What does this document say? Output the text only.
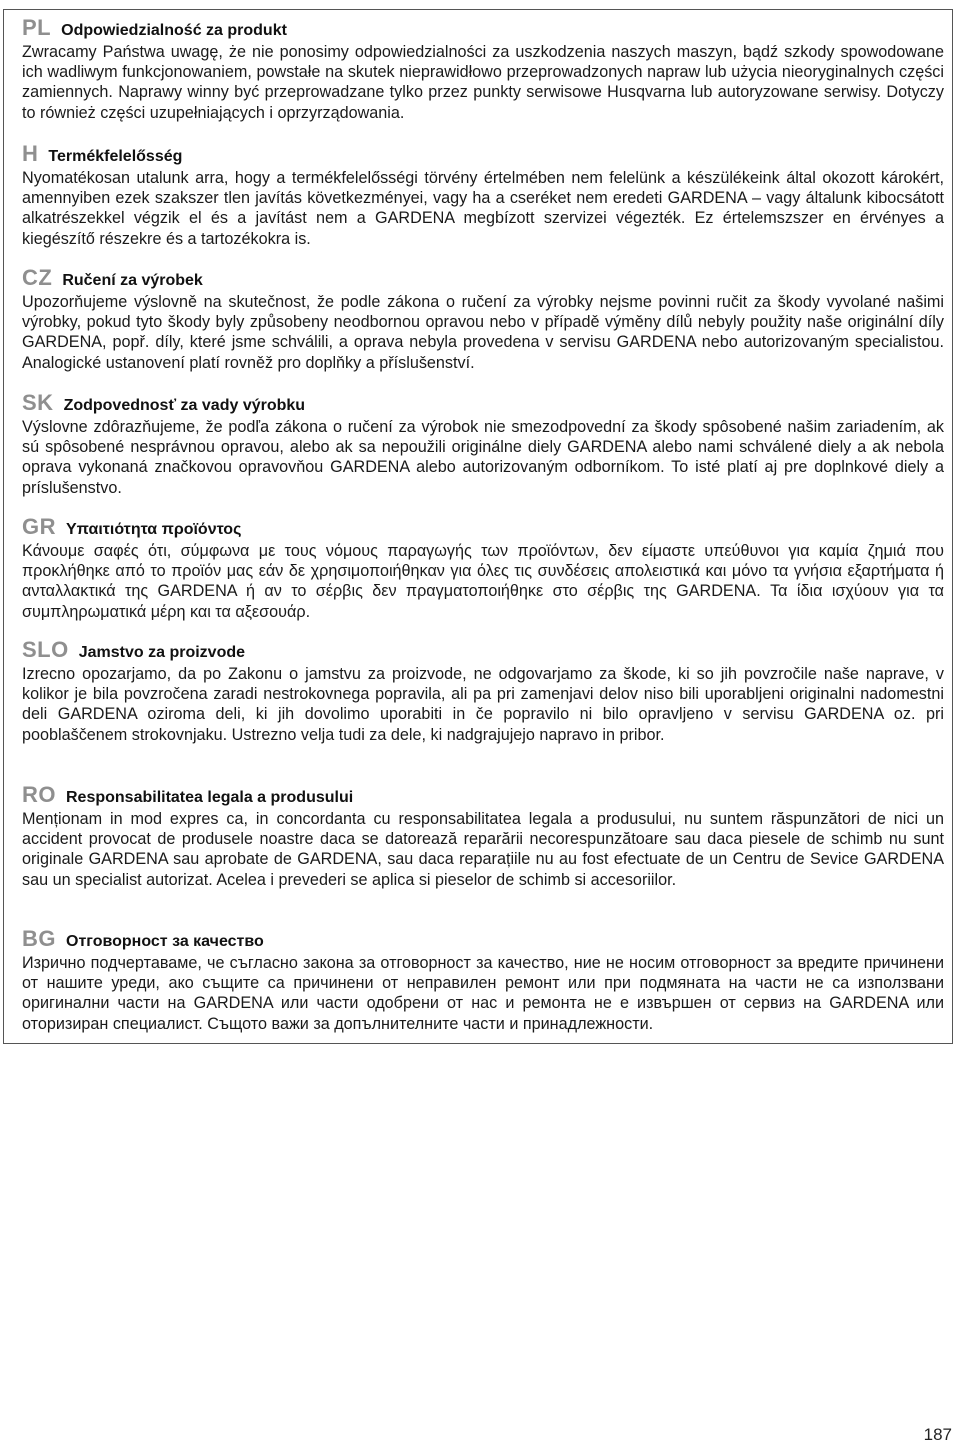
PL Odpowiedzialność za produkt

Zwracamy Państwa uwagę, że nie ponosimy odpowiedzialności za uszkodzenia naszych maszyn, bądź szkody spowodowane ich wadliwym funkcjonowaniem, powstałe na skutek nieprawidłowo przeprowadzonych napraw lub użycia nieoryginalnych części zamiennych. Naprawy winny być przeprowadzane tylko przez punkty serwisowe Husqvarna lub autoryzowane serwisy. Dotyczy to również części uzupełniających i oprzyrządowania.

H Termékfelelősség

Nyomatékosan utalunk arra, hogy a termékfelelősségi törvény értelmében nem felelünk a készülékeink által okozott károkért, amennyiben ezek szakszer tlen javítás következményei, vagy ha a cseréket nem eredeti GARDENA – vagy általunk kibocsátott alkatrészekkel végzik el és a javítást nem a GARDENA megbízott szervizei végezték. Ez értelemszszer en érvényes a kiegészítő részekre és a tartozékokra is.

CZ Ručení za výrobek

Upozorňujeme výslovně na skutečnost, že podle zákona o ručení za výrobky nejsme povinni ručit za škody vyvolané našimi výrobky, pokud tyto škody byly způsobeny neodbornou opravou nebo v případě výměny dílů nebyly použity naše originální díly GARDENA, popř. díly, které jsme schválili, a oprava nebyla provedena v servisu GARDENA nebo autorizovaným specialistou. Analogické ustanovení platí rovněž pro doplňky a příslušenství.

SK Zodpovednosť za vady výrobku

Výslovne zdôrazňujeme, že podľa zákona o ručení za výrobok nie smezodpovední za škody spôsobené našim zariadením, ak sú spôsobené nesprávnou opravou, alebo ak sa nepoužili originálne diely GARDENA alebo nami schválené diely a ak nebola oprava vykonaná značkovou opravovňou GARDENA alebo autorizovaným odborníkom. To isté platí aj pre doplnkové diely a príslušenstvo.

GR Υπαιτιότητα προϊόντος

Κάνουμε σαφές ότι, σύμφωνα με τους νόμους παραγωγής των προϊόντων, δεν είμαστε υπεύθυνοι για καμία ζημιά που προκλήθηκε από το προϊόν μας εάν δε χρησιμοποιήθηκαν για όλες τις συνδέσεις απολειστικά και μόνο τα γνήσια εξαρτήματα ή ανταλλακτικά της GARDENA ή αν το σέρβις δεν πραγματοποιήθηκε στο σέρβις της GARDENA. Τα ίδια ισχύουν για τα συμπληρωματικά μέρη και τα αξεσουάρ.

SLO Jamstvo za proizvode

Izrecno opozarjamo, da po Zakonu o jamstvu za proizvode, ne odgovarjamo za škode, ki so jih povzročile naše naprave, v kolikor je bila povzročena zaradi nestrokovnega popravila, ali pa pri zamenjavi delov niso bili uporabljeni originalni nadomestni deli GARDENA oziroma deli, ki jih dovolimo uporabiti in če popravilo ni bilo opravljeno v servisu GARDENA oz. pri pooblaščenem strokovnjaku. Ustrezno velja tudi za dele, ki nadgrajujejo napravo in pribor.

RO Responsabilitatea legala a produsului

Menționam in mod expres ca, in concordanta cu responsabilitatea legala a produsului, nu suntem răspunzători de nici un accident provocat de produsele noastre daca se datorează reparării necorespunzătoare sau daca piesele de schimb nu sunt originale GARDENA sau aprobate de GARDENA, sau daca reparațiile nu au fost efectuate de un Centru de Sevice GARDENA sau un specialist autorizat. Acelea i prevederi se aplica si pieselor de schimb si accesoriilor.

BG Отговорност за качество

Изрично подчертаваме, че съгласно закона за отговорност за качество, ние не носим отговорност за вредите причинени от нашите уреди, ако същите са причинени от неправилен ремонт или при подмяната на части не са използвани оригинални части на GARDENA или части одобрени от нас и ремонта не е извършен от сервиз на GARDENA или оторизиран специалист. Същото важи за допълнителните части и принадлежности.

187
